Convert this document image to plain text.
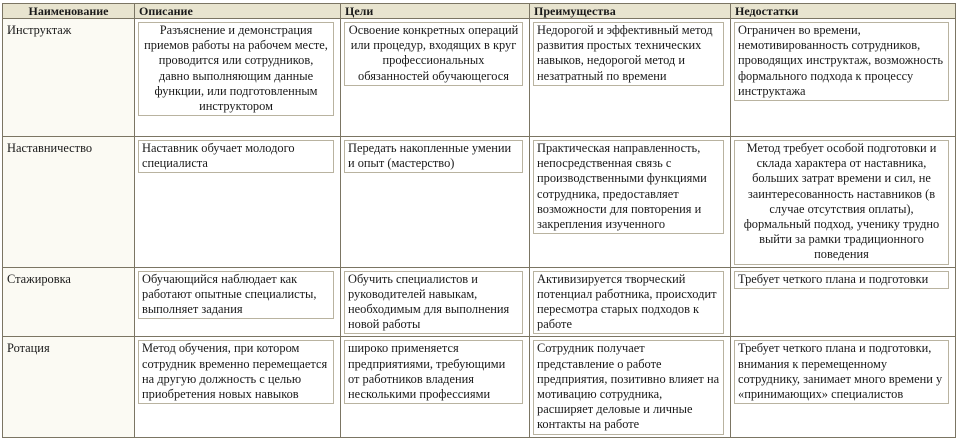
Наименование	Описание	Цели	Преимущества	Недостатки

Инструктаж	Разъяснение и демонстрация приемов работы на рабочем месте, проводится или сотрудников, давно выполняющим данные функции, или подготовленным инструктором	Освоение конкретных операций или процедур, входящих в круг профессиональных обязанностей обучающегося	Недорогой и эффективный метод развития простых технических навыков, недорогой метод и незатратный по времени	Ограничен во времени, немотивированность сотрудников, проводящих инструктаж, возможность формального подхода к процессу инструктажа

Наставничество	Наставник обучает молодого специалиста	Передать накопленные умении и опыт (мастерство)	Практическая направленность, непосредственная связь с производственными функциями сотрудника, предоставляет возможности для повторения и закрепления изученного	Метод требует особой подготовки и склада характера от наставника, больших затрат времени и сил, не заинтересованность наставников (в случае отсутствия оплаты), формальный подход, ученику трудно выйти за рамки традиционного поведения

Стажировка	Обучающийся наблюдает как работают опытные специалисты, выполняет задания	Обучить специалистов и руководителей навыкам, необходимым для выполнения новой работы	Активизируется творческий потенциал работника, происходит пересмотра старых подходов к работе	Требует четкого плана и подготовки

Ротация	Метод обучения, при котором сотрудник временно перемещается на другую должность с целью приобретения новых навыков	широко применяется предприятиями, требующими от работников владения несколькими профессиями	Сотрудник получает представление о работе предприятия, позитивно влияет на мотивацию сотрудника, расширяет деловые и личные контакты на работе	Требует четкого плана и подготовки, внимания к перемещенному сотруднику, занимает много времени у «принимающих» специалистов
